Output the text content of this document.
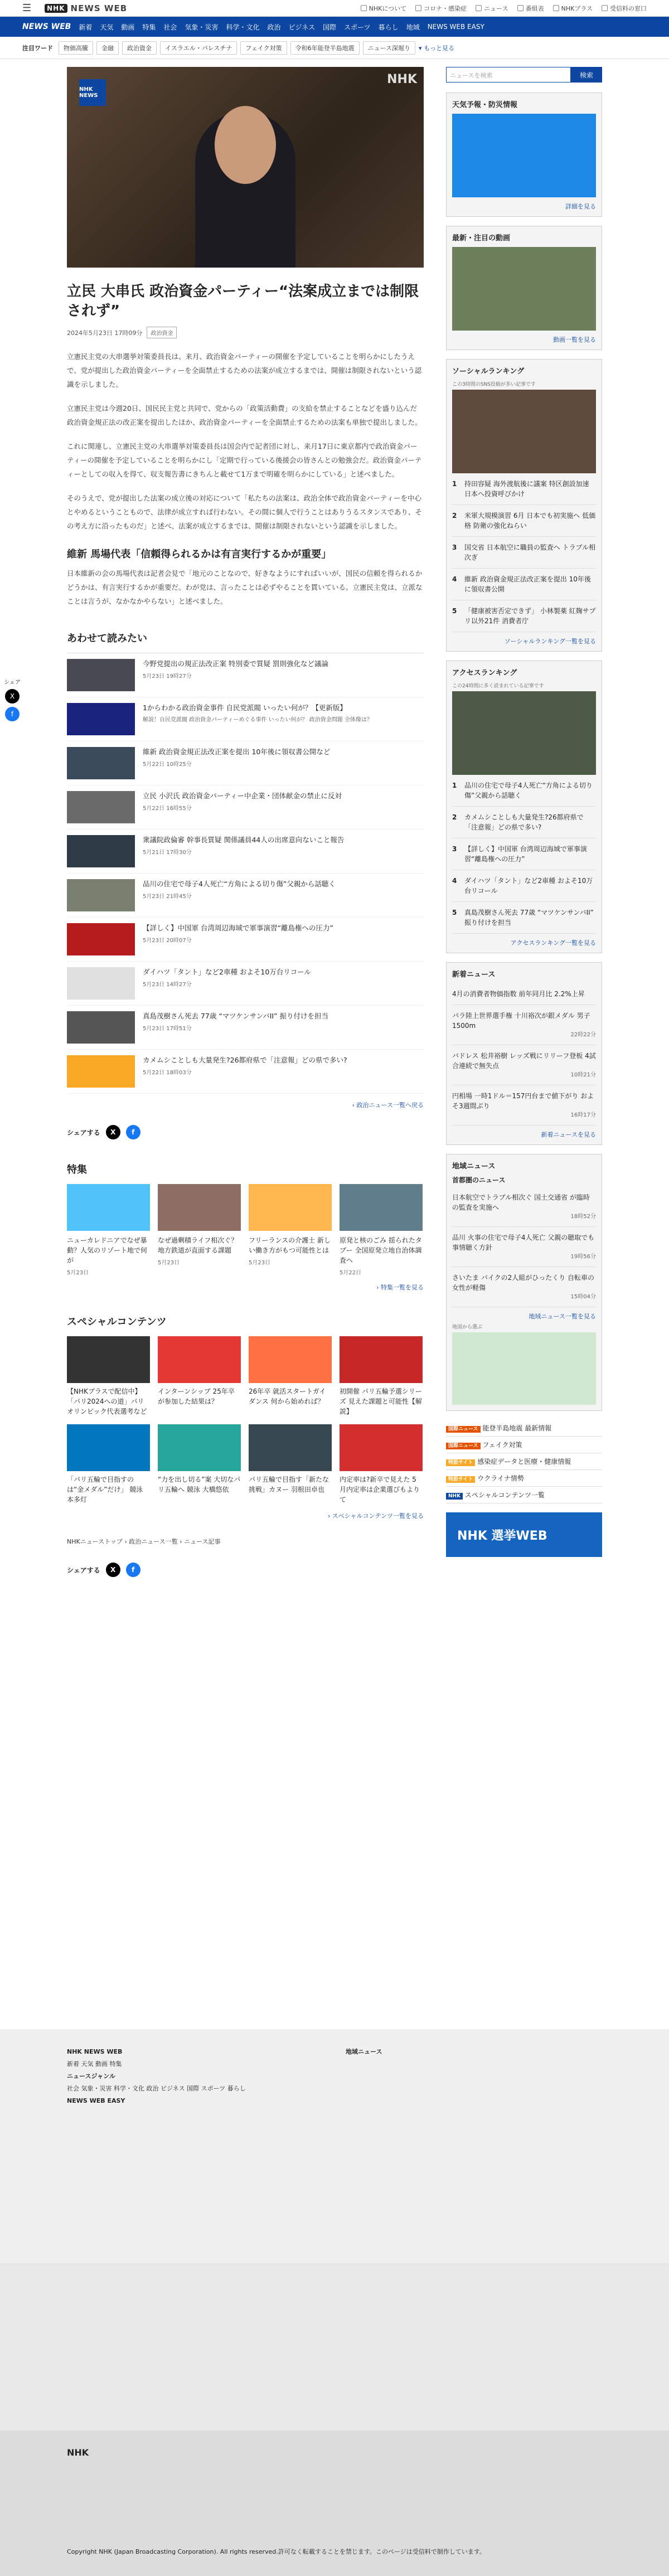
☰	NHK NEWS WEB	NHKについて	コロナ・感染症	ニュース	番組表	NHKプラス	受信料の窓口
NEWS WEB 新着 天気 動画 特集 社会 気象・災害 科学・文化 政治 ビジネス 国際 スポーツ 暮らし 地域 NEWS WEB EASY
注目ワード	物価高騰	金融	政治資金	イスラエル・パレスチナ	フェイク対策	令和6年能登半島地震	ニュース深堀り	▾ もっと見る
シェア
X
f
NHK NEWS
NHK
立民 大串氏 政治資金パーティー“法案成立までは制限されず”
2024年5月23日 17時09分	政治資金

立憲民主党の大串選挙対策委員長は、来月、政治資金パーティーの開催を予定していることを明らかにしたうえで、党が提出した政治資金パーティーを全面禁止するための法案が成立するまでは、開催は制限されないという認識を示しました。

立憲民主党は今週20日、国民民主党と共同で、党からの「政策活動費」の支給を禁止することなどを盛り込んだ政治資金規正法の改正案を提出したほか、政治資金パーティーを全面禁止するための法案も単独で提出しました。

これに関連し、立憲民主党の大串選挙対策委員長は国会内で記者団に対し、来月17日に東京都内で政治資金パーティーの開催を予定していることを明らかにし「定期で行っている後援会の皆さんとの勉強会だ。政治資金パーティーとしての収入を得て、収支報告書にきちんと載せて1万まで明確を明らかにしている」と述べました。

そのうえで、党が提出した法案の成立後の対応について「私たちの法案は、政治全体で政治資金パーティーを中心とやめるということもので、法律が成立すれば行わない。その間に個人で行うことはありうるスタンスであり、その考え方に沿ったものだ」と述べ、法案が成立するまでは、開催は制限されないという認識を示しました。

維新 馬場代表「信頼得られるかは有言実行するかが重要」

日本維新の会の馬場代表は記者会見で「地元のことなので、好きなようにすればいいが、国民の信頼を得られるかどうかは、有言実行するかが重要だ。わが党は、言ったことは必ずやることを貫いている。立憲民主党は、立派なことは言うが、なかなかやらない」と述べました。

あわせて読みたい
今野党提出の規正法改正案 特別委で質疑 罰則強化など議論
5月23日 19時27分
1からわかる政治資金事件 自民党派閥 いったい何が？【更新版】
解説！自民党派閥 政治資金パーティーめぐる事件 いったい何が？ 政治資金問題 全体像は？
維新 政治資金規正法改正案を提出 10年後に領収書公開など
5月22日 10時25分
立民 小沢氏 政治資金パーティー中企業・団体献金の禁止に反対
5月22日 16時55分
衆議院政倫審 幹事長質疑 関係議員44人の出席意向ないこと報告
5月21日 17時30分
品川の住宅で母子4人死亡“方角による切り傷”父親から話聴く
5月23日 21時45分
【詳しく】中国軍 台湾周辺海域で軍事演習“離島権への圧力”
5月23日 20時07分
ダイハツ「タント」など2車種 およそ10万台リコール
5月23日 14時27分
真島茂樹さん死去 77歳 “マツケンサンバII” 振り付けを担当
5月23日 17時51分
カメムシことしも大量発生?26都府県で「注意報」どの県で多い?
5月22日 18時03分
› 政治ニュース一覧へ戻る
シェアする	X	f
特集
ニューカレドニアでなぜ暴動？人気のリゾート地で何が
5月23日
なぜ過剰積ライフ相次ぐ？ 地方鉄道が直面する課題
5月23日
フリーランスの介護士 新しい働き方がもつ可能性とは
5月23日
原発と核のごみ 揺られたタブー 全国原発立地自治体調査へ
5月22日
› 特集一覧を見る
スペシャルコンテンツ
【NHKプラスで配信中】「パリ2024への道」パリオリンピック代表選考など
インターンシップ 25年卒が参加した結果は？
26年卒 就活スタートガイダンス 何から始めれば？
初開催 パリ五輪予選シリーズ 見えた課題と可能性【解説】
「パリ五輪で目指すのは“金メダル”だけ」 競泳 本多灯
“力を出し切る”案 大切なパリ五輪へ 競泳 大橋悠依
パリ五輪で目指す「新たな挑戦」カヌー 羽根田卓也
内定率は?新卒で見えた 5月内定率は企業選びもよりて
› スペシャルコンテンツ一覧を見る
NHKニューストップ › 政治ニュース一覧 › ニュース記事
シェアする	X	f
ニュースを検索	検索
天気予報・防災情報
詳細を見る
最新・注目の動画
動画一覧を見る
ソーシャルランキング
この3時間のSNS投稿が多い記事です
1	持田容疑 海外渡航後に議案 特区創設加速 日本へ投資呼びかけ
2	米軍大規模演習 6月 日本でも初実施へ 低価格 防衛の強化ねらい
3	国交省 日本航空に職員の監査へ トラブル相次ぎ
4	維新 政治資金規正法改正案を提出 10年後に領収書公開
5	「健康被害否定できず」 小林製薬 紅麹サプリ以外21件 消費者庁
ソーシャルランキング一覧を見る
アクセスランキング
この24時間に多く読まれている記事です
1	品川の住宅で母子4人死亡“方角による切り傷”父親から話聴く
2	カメムシことしも大量発生?26都府県で「注意報」どの県で多い?
3	【詳しく】中国軍 台湾周辺海域で軍事演習“離島権への圧力”
4	ダイハツ「タント」など2車種 およそ10万台リコール
5	真島茂樹さん死去 77歳 “マツケンサンバII” 振り付けを担当
アクセスランキング一覧を見る
新着ニュース
4月の消費者物価指数 前年同月比 2.2%上昇
パラ陸上世界選手権 十川裕次が銀メダル 男子1500m
22時22分
バドレス 松井裕樹 レッズ戦にリリーフ登板 4試合連続で無失点
10時21分
円相場 一時1ドル＝157円台まで値下がり およそ3週間ぶり
16時17分
新着ニュースを見る
地域ニュース
首都圏のニュース
日本航空でトラブル相次ぐ 国土交通省 が臨時の監査を実施へ
18時52分
品川 火事の住宅で母子4人死亡 父親の聴取でも事情聴く方針
19時56分
さいたま バイクの2人組がひったくり 自転車の女性が軽傷
15時04分
地域ニュース一覧を見る
地図から選ぶ
国際ニュース 能登半島地震 最新情報
国際ニュース フェイク対策
特設サイト 感染症データと医療・健康情報
特設サイト ウクライナ情勢
NHK スペシャルコンテンツ一覧
NHK 選挙WEB
NHK NEWS WEB
新着 天気 動画 特集
ニュースジャンル
社会 気象・災害 科学・文化 政治 ビジネス 国際 スポーツ 暮らし
NEWS WEB EASY
地域ニュース
NHK
Copyright NHK (Japan Broadcasting Corporation). All rights reserved.許可なく転載することを禁じます。このページは受信料で制作しています。
